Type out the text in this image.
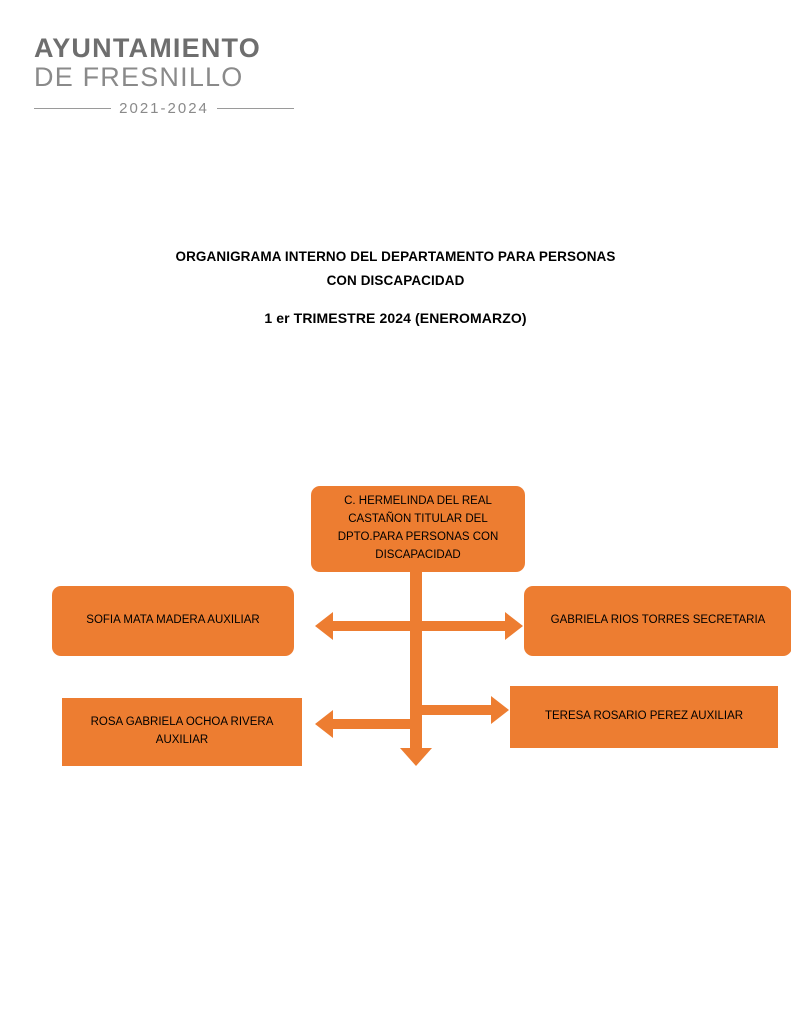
AYUNTAMIENTO
DE FRESNILLO
2021-2024
ORGANIGRAMA INTERNO DEL DEPARTAMENTO PARA PERSONAS
CON DISCAPACIDAD
1 er TRIMESTRE 2024 (ENEROMARZO)
C. HERMELINDA DEL REAL CASTAÑON TITULAR DEL DPTO.PARA PERSONAS CON DISCAPACIDAD
SOFIA MATA MADERA AUXILIAR	GABRIELA RIOS TORRES SECRETARIA
ROSA GABRIELA OCHOA RIVERA AUXILIAR
TERESA ROSARIO PEREZ AUXILIAR
